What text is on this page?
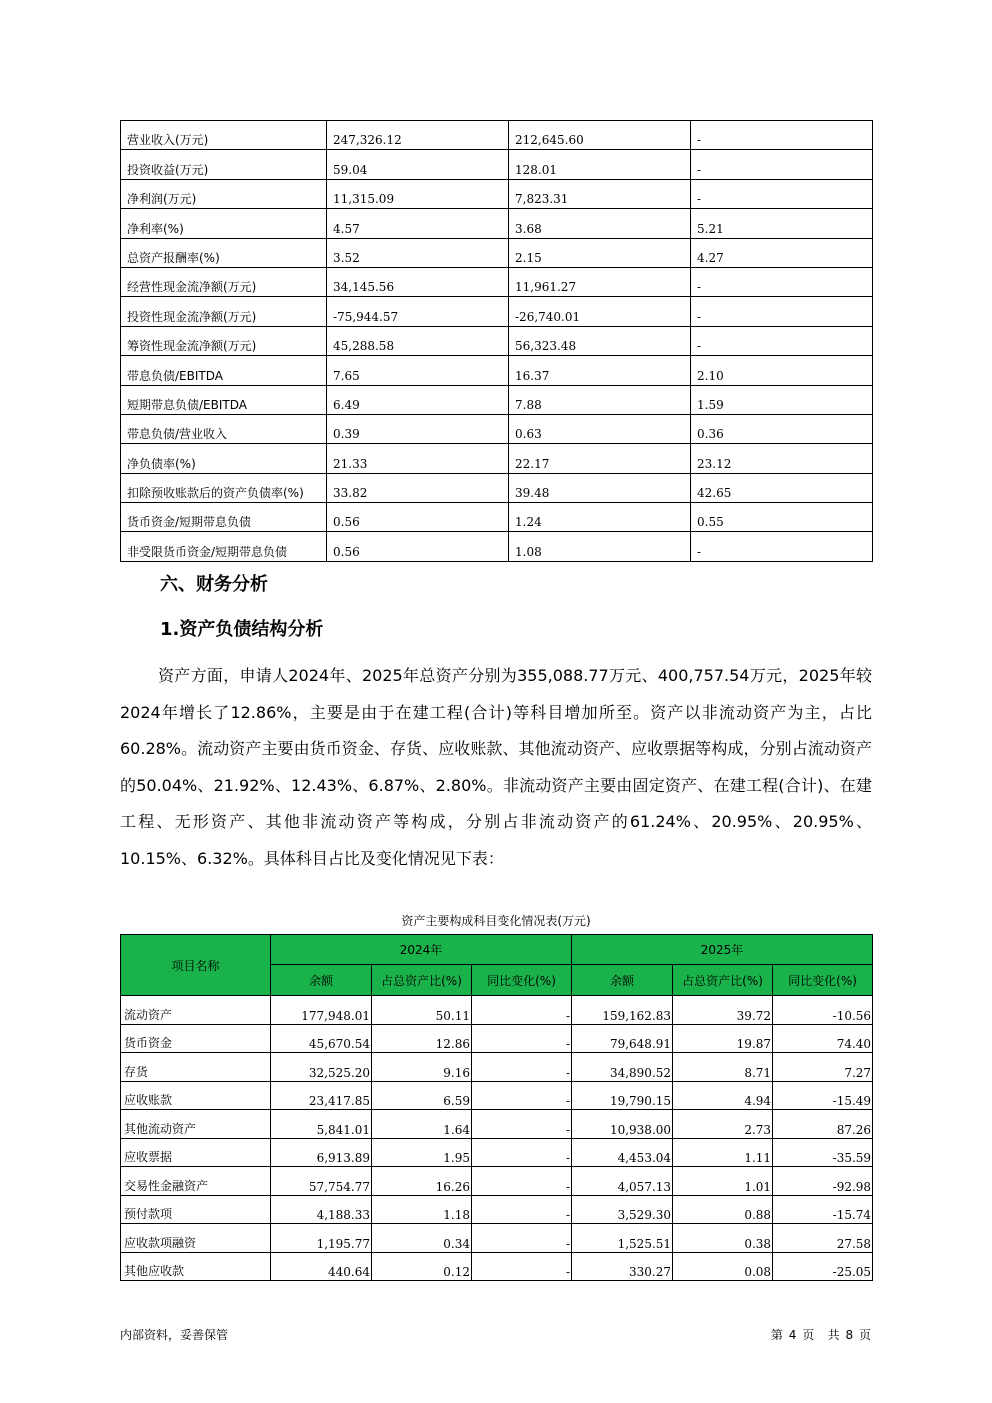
营业收入(万元)	247,326.12	212,645.60	-
投资收益(万元)	59.04	128.01	-
净利润(万元)	11,315.09	7,823.31	-
净利率(%)	4.57	3.68	5.21
总资产报酬率(%)	3.52	2.15	4.27
经营性现金流净额(万元)	34,145.56	11,961.27	-
投资性现金流净额(万元)	-75,944.57	-26,740.01	-
筹资性现金流净额(万元)	45,288.58	56,323.48	-
带息负债/EBITDA	7.65	16.37	2.10
短期带息负债/EBITDA	6.49	7.88	1.59
带息负债/营业收入	0.39	0.63	0.36
净负债率(%)	21.33	22.17	23.12
扣除预收账款后的资产负债率(%)	33.82	39.48	42.65
货币资金/短期带息负债	0.56	1.24	0.55
非受限货币资金/短期带息负债	0.56	1.08	-
六、财务分析
1.资产负债结构分析

资产方面，申请人2024年、2025年总资产分别为355,088.77万元、400,757.54万元，2025年较2024年增长了12.86%，主要是由于在建工程(合计)等科目增加所至。资产以非流动资产为主，占比60.28%。流动资产主要由货币资金、存货、应收账款、其他流动资产、应收票据等构成，分别占流动资产的50.04%、21.92%、12.43%、6.87%、2.80%。非流动资产主要由固定资产、在建工程(合计)、在建工程、无形资产、其他非流动资产等构成，分别占非流动资产的61.24%、20.95%、20.95%、10.15%、6.32%。具体科目占比及变化情况见下表：

资产主要构成科目变化情况表(万元)
项目名称	2024年			2025年		
	余额	占总资产比(%)	同比变化(%)	余额	占总资产比(%)	同比变化(%)
流动资产	177,948.01	50.11	-	159,162.83	39.72	-10.56
货币资金	45,670.54	12.86	-	79,648.91	19.87	74.40
存货	32,525.20	9.16	-	34,890.52	8.71	7.27
应收账款	23,417.85	6.59	-	19,790.15	4.94	-15.49
其他流动资产	5,841.01	1.64	-	10,938.00	2.73	87.26
应收票据	6,913.89	1.95	-	4,453.04	1.11	-35.59
交易性金融资产	57,754.77	16.26	-	4,057.13	1.01	-92.98
预付款项	4,188.33	1.18	-	3,529.30	0.88	-15.74
应收款项融资	1,195.77	0.34	-	1,525.51	0.38	27.58
其他应收款	440.64	0.12	-	330.27	0.08	-25.05
内部资料，妥善保管	第 4 页 共 8 页
